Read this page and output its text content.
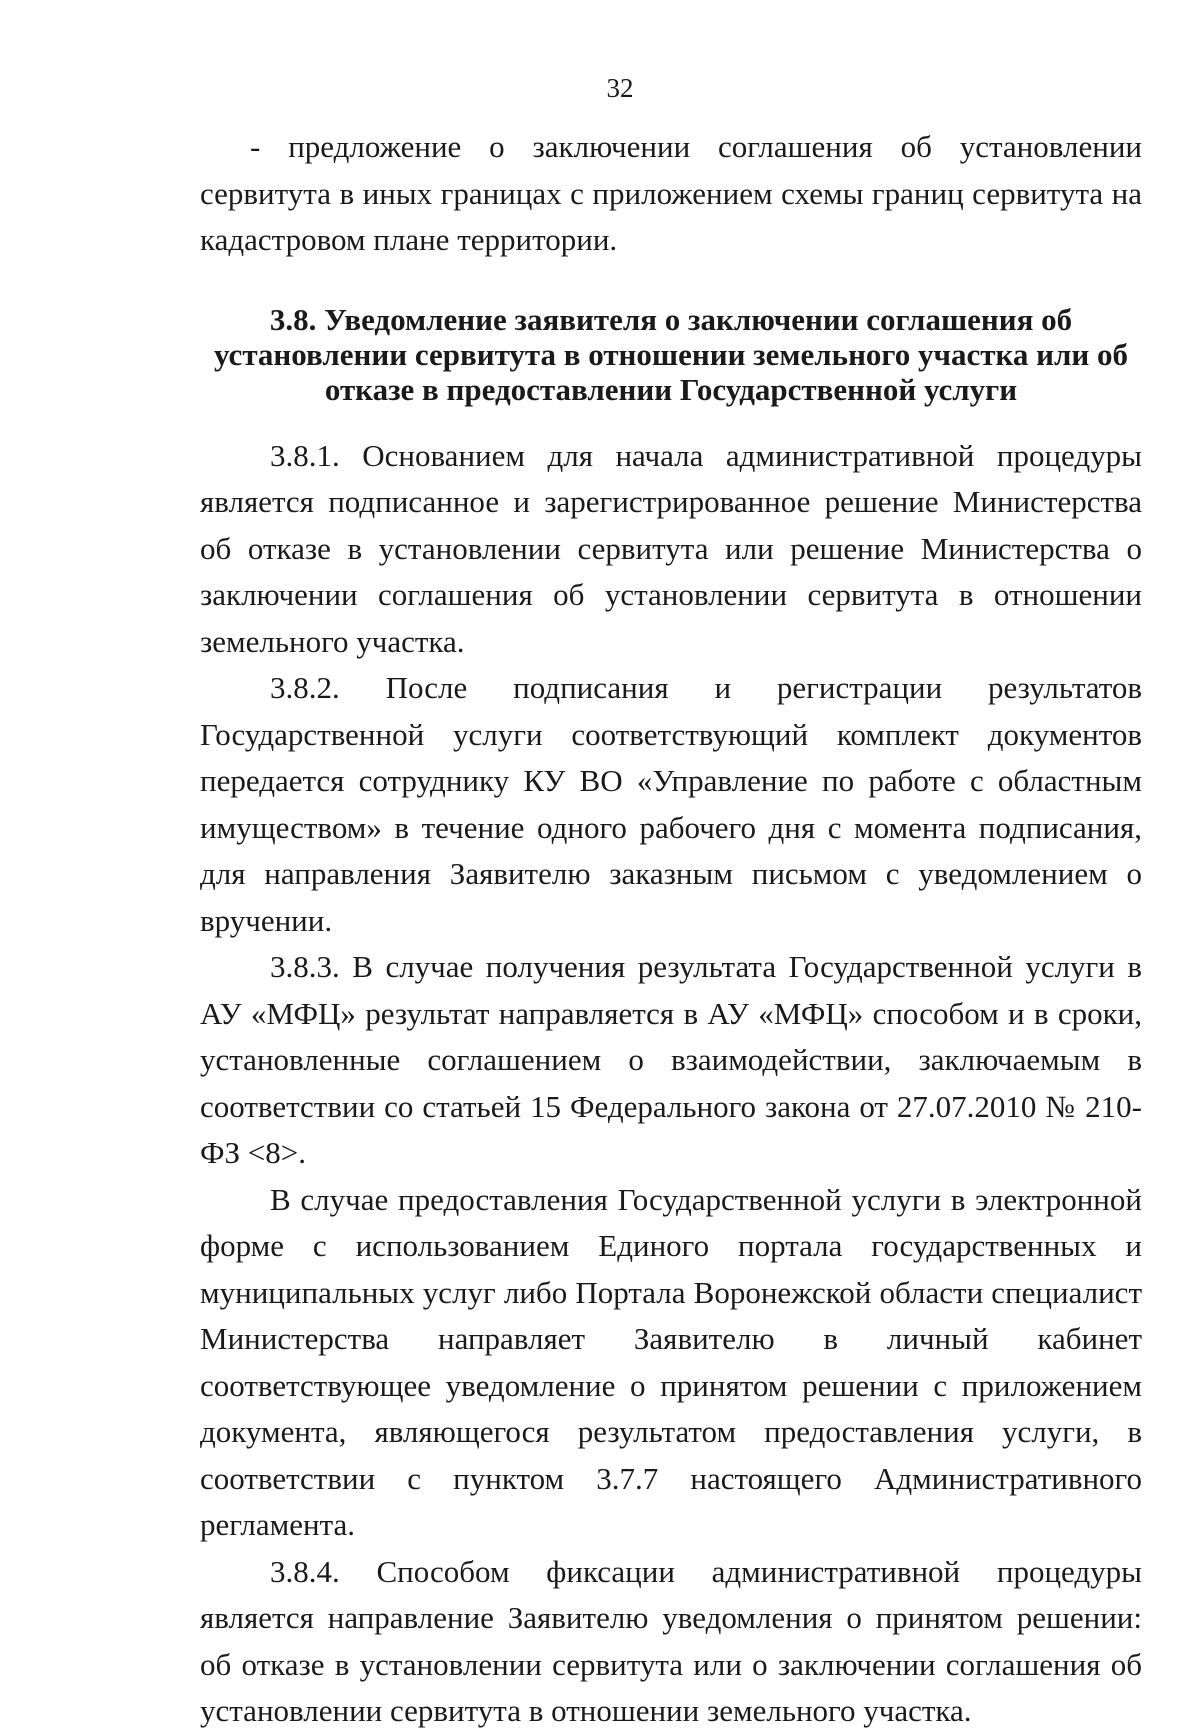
32

- предложение о заключении соглашения об установлении сервитута в иных границах с приложением схемы границ сервитута на кадастровом плане территории.

3.8. Уведомление заявителя о заключении соглашения об установлении сервитута в отношении земельного участка или об отказе в предоставлении Государственной услуги

3.8.1. Основанием для начала административной процедуры является подписанное и зарегистрированное решение Министерства об отказе в установлении сервитута или решение Министерства о заключении соглашения об установлении сервитута в отношении земельного участка.

3.8.2. После подписания и регистрации результатов Государственной услуги соответствующий комплект документов передается сотруднику КУ ВО «Управление по работе с областным имуществом» в течение одного рабочего дня с момента подписания, для направления Заявителю заказным письмом с уведомлением о вручении.

3.8.3. В случае получения результата Государственной услуги в АУ «МФЦ» результат направляется в АУ «МФЦ» способом и в сроки, установленные соглашением о взаимодействии, заключаемым в соответствии со статьей 15 Федерального закона от 27.07.2010 № 210-ФЗ <8>.

В случае предоставления Государственной услуги в электронной форме с использованием Единого портала государственных и муниципальных услуг либо Портала Воронежской области специалист Министерства направляет Заявителю в личный кабинет соответствующее уведомление о принятом решении с приложением документа, являющегося результатом предоставления услуги, в соответствии с пунктом 3.7.7 настоящего Административного регламента.

3.8.4. Способом фиксации административной процедуры является направление Заявителю уведомления о принятом решении: об отказе в установлении сервитута или о заключении соглашения об установлении сервитута в отношении земельного участка.
